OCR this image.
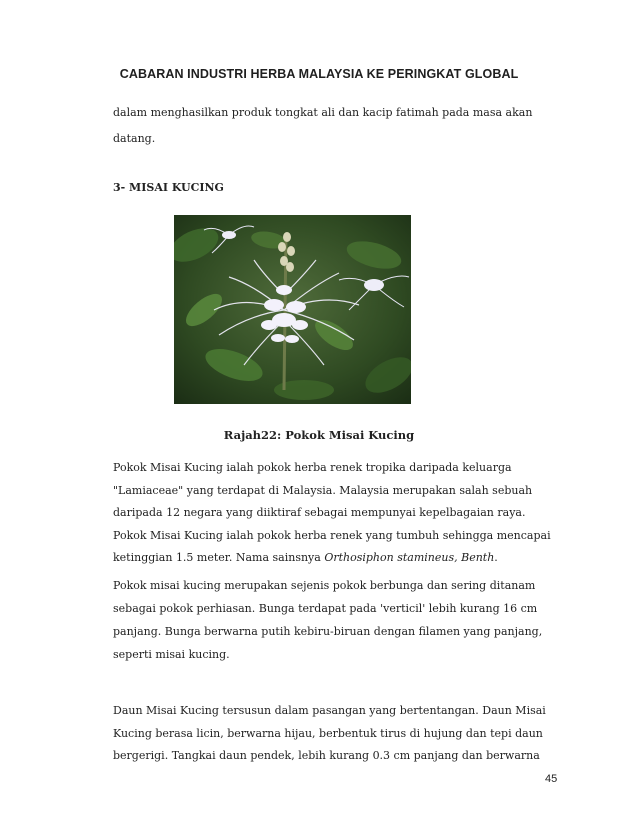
CABARAN INDUSTRI HERBA MALAYSIA KE PERINGKAT GLOBAL
dalam menghasilkan produk tongkat ali dan kacip fatimah pada masa akan datang.
3- MISAI KUCING
Rajah22: Pokok Misai Kucing
Pokok Misai Kucing ialah pokok herba renek tropika daripada keluarga "Lamiaceae" yang terdapat di Malaysia. Malaysia merupakan salah sebuah daripada 12 negara yang diiktiraf sebagai mempunyai kepelbagaian raya. Pokok Misai Kucing ialah pokok herba renek yang tumbuh sehingga mencapai ketinggian 1.5 meter. Nama sainsnya Orthosiphon stamineus, Benth.
Pokok misai kucing merupakan sejenis pokok berbunga dan sering ditanam sebagai pokok perhiasan. Bunga terdapat pada 'verticil' lebih kurang 16 cm panjang. Bunga berwarna putih kebiru-biruan dengan filamen yang panjang, seperti misai kucing.
Daun Misai Kucing tersusun dalam pasangan yang bertentangan. Daun Misai Kucing berasa licin, berwarna hijau, berbentuk tirus di hujung dan tepi daun bergerigi. Tangkai daun pendek, lebih kurang 0.3 cm panjang dan berwarna
45
